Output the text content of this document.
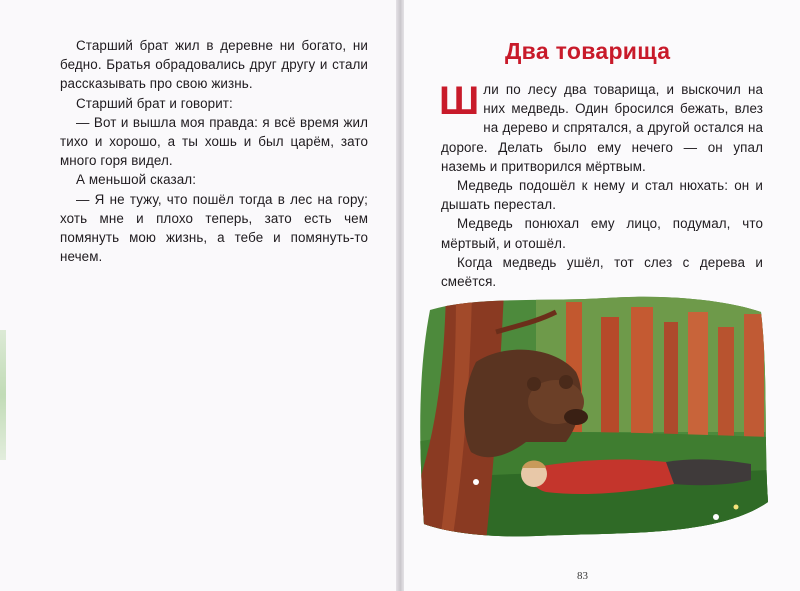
Старший брат жил в деревне ни богато, ни бедно. Братья обрадовались друг другу и стали рассказывать про свою жизнь.

Старший брат и говорит:

— Вот и вышла моя правда: я всё время жил тихо и хорошо, а ты хошь и был царём, зато много горя видел.

А меньшой сказал:

— Я не тужу, что пошёл тогда в лес на гору; хоть мне и плохо теперь, зато есть чем помянуть мою жизнь, а тебе и помянуть-то нечем.

Два товарища

Шли по лесу два товарища, и выскочил на них медведь. Один бросился бежать, влез на дерево и спрятался, а другой остался на дороге. Делать было ему нечего — он упал наземь и притворился мёртвым.

Медведь подошёл к нему и стал нюхать: он и дышать перестал.

Медведь понюхал ему лицо, подумал, что мёртвый, и отошёл.

Когда медведь ушёл, тот слез с дерева и смеётся.

83
